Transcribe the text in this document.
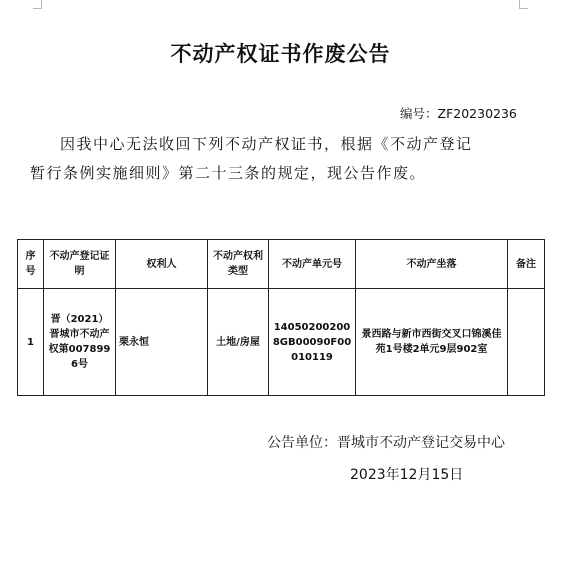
不动产权证书作废公告
编号：ZF20230236
因我中心无法收回下列不动产权证书，根据《不动产登记
暂行条例实施细则》第二十三条的规定，现公告作废。
序号	不动产登记证明	权利人	不动产权利类型	不动产单元号	不动产坐落	备注
1	晋（2021）晋城市不动产权第0078996号	栗永恒	土地/房屋	140502002008GB00090F00010119	景西路与新市西街交叉口锦溪佳苑1号楼2单元9层902室	
公告单位：晋城市不动产登记交易中心
2023年12月15日
